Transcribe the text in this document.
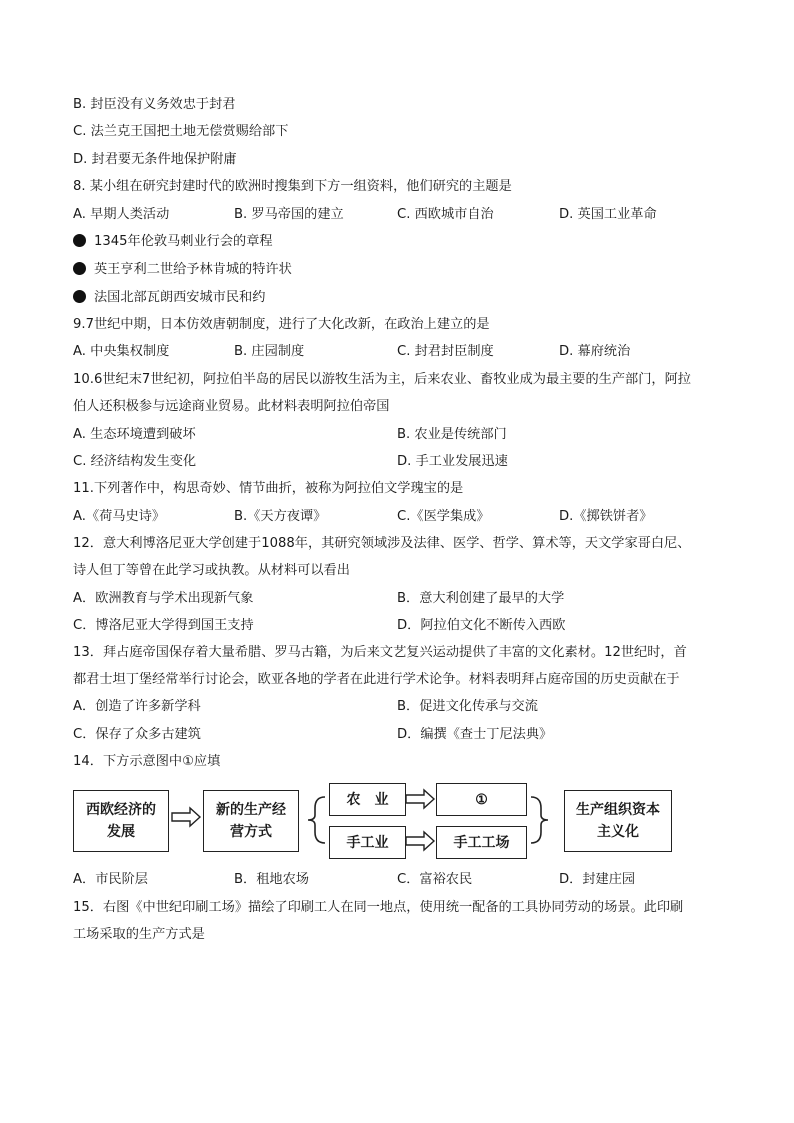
B. 封臣没有义务效忠于封君
C. 法兰克王国把土地无偿赏赐给部下
D. 封君要无条件地保护附庸
8. 某小组在研究封建时代的欧洲时搜集到下方一组资料，他们研究的主题是
A. 早期人类活动	B. 罗马帝国的建立	C. 西欧城市自治	D. 英国工业革命
1345年伦敦马刺业行会的章程
英王亨利二世给予林肯城的特许状
法国北部瓦朗西安城市民和约
9.7世纪中期，日本仿效唐朝制度，进行了大化改新，在政治上建立的是
A. 中央集权制度	B. 庄园制度	C. 封君封臣制度	D. 幕府统治
10.6世纪末7世纪初，阿拉伯半岛的居民以游牧生活为主，后来农业、畜牧业成为最主要的生产部门，阿拉
伯人还积极参与远途商业贸易。此材料表明阿拉伯帝国
A. 生态环境遭到破坏	B. 农业是传统部门
C. 经济结构发生变化	D. 手工业发展迅速
11.下列著作中，构思奇妙、情节曲折，被称为阿拉伯文学瑰宝的是
A.《荷马史诗》	B.《天方夜谭》	C.《医学集成》	D.《掷铁饼者》
12．意大利博洛尼亚大学创建于1088年，其研究领域涉及法律、医学、哲学、算术等，天文学家哥白尼、
诗人但丁等曾在此学习或执教。从材料可以看出
A．欧洲教育与学术出现新气象	B．意大利创建了最早的大学
C．博洛尼亚大学得到国王支持	D．阿拉伯文化不断传入西欧
13．拜占庭帝国保存着大量希腊、罗马古籍，为后来文艺复兴运动提供了丰富的文化素材。12世纪时，首
都君士坦丁堡经常举行讨论会，欧亚各地的学者在此进行学术论争。材料表明拜占庭帝国的历史贡献在于
A．创造了许多新学科	B．促进文化传承与交流
C．保存了众多古建筑	D．编撰《查士丁尼法典》
14．下方示意图中①应填
西欧经济的发展
新的生产经营方式
农　业	①
手工业	手工工场
生产组织资本主义化
A．市民阶层	B．租地农场	C．富裕农民	D．封建庄园
15．右图《中世纪印刷工场》描绘了印刷工人在同一地点，使用统一配备的工具协同劳动的场景。此印刷
工场采取的生产方式是
